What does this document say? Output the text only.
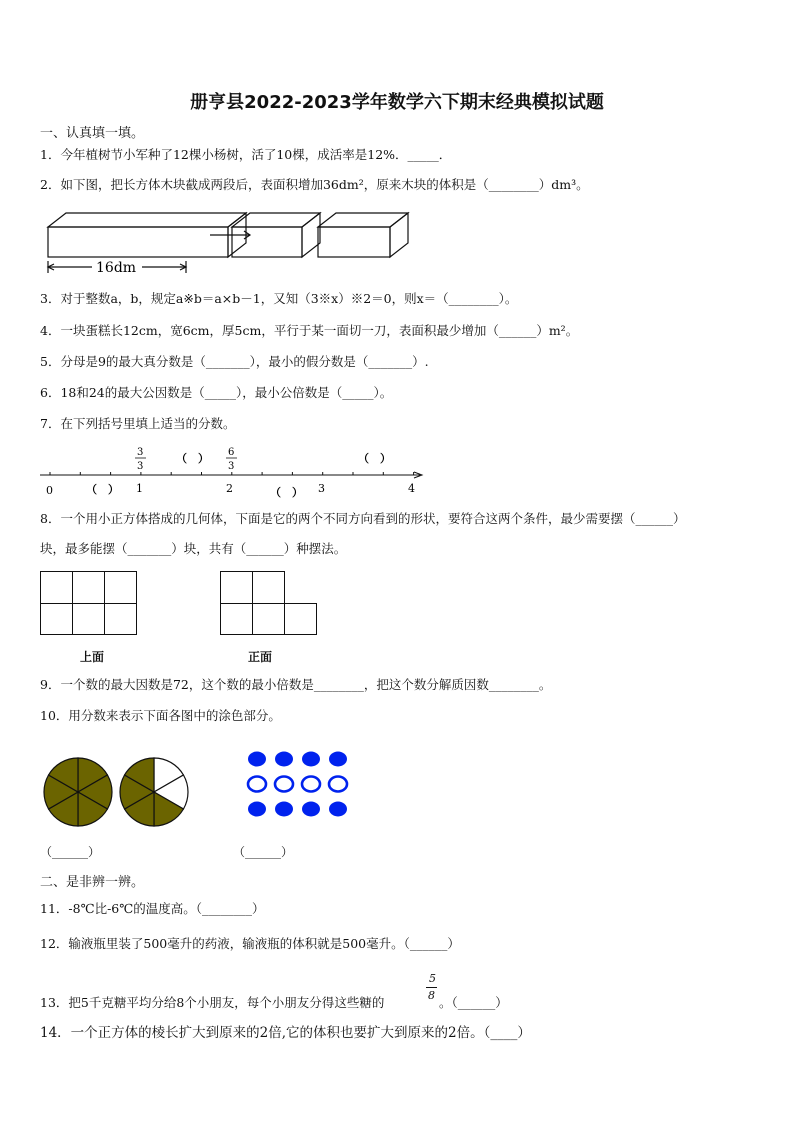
册亨县2022-2023学年数学六下期末经典模拟试题
一、认真填一填。
1．今年植树节小军种了12棵小杨树，活了10棵，成活率是12%．_____．
2．如下图，把长方体木块截成两段后，表面积增加36dm²，原来木块的体积是（________）dm³。
16dm
3．对于整数a，b，规定a※b＝a×b－1，又知（3※x）※2＝0，则x＝（________）。
4．一块蛋糕长12cm，宽6cm，厚5cm，平行于某一面切一刀，表面积最少增加（______）m²。
5．分母是9的最大真分数是（_______），最小的假分数是（_______）.
6．18和24的最大公因数是（_____），最小公倍数是（_____）。
7．在下列括号里填上适当的分数。
0	1	2	3	4
3
3
6
3
（　）	（　）
（　）	（　）
8．一个用小正方体搭成的几何体，下面是它的两个不同方向看到的形状，要符合这两个条件，最少需要摆（______）
块，最多能摆（_______）块，共有（______）种摆法。
上面	正面
9．一个数的最大因数是72，这个数的最小倍数是________，把这个数分解质因数________。
10．用分数来表示下面各图中的涂色部分。
（______）	（______）
二、是非辨一辨。
11．-8℃比-6℃的温度高。（________）
12．输液瓶里装了500毫升的药液，输液瓶的体积就是500毫升。（______）
13．把5千克糖平均分给8个小朋友，每个小朋友分得这些糖的
5
8 。（______）
14．一个正方体的棱长扩大到原来的2倍,它的体积也要扩大到原来的2倍。（____）
